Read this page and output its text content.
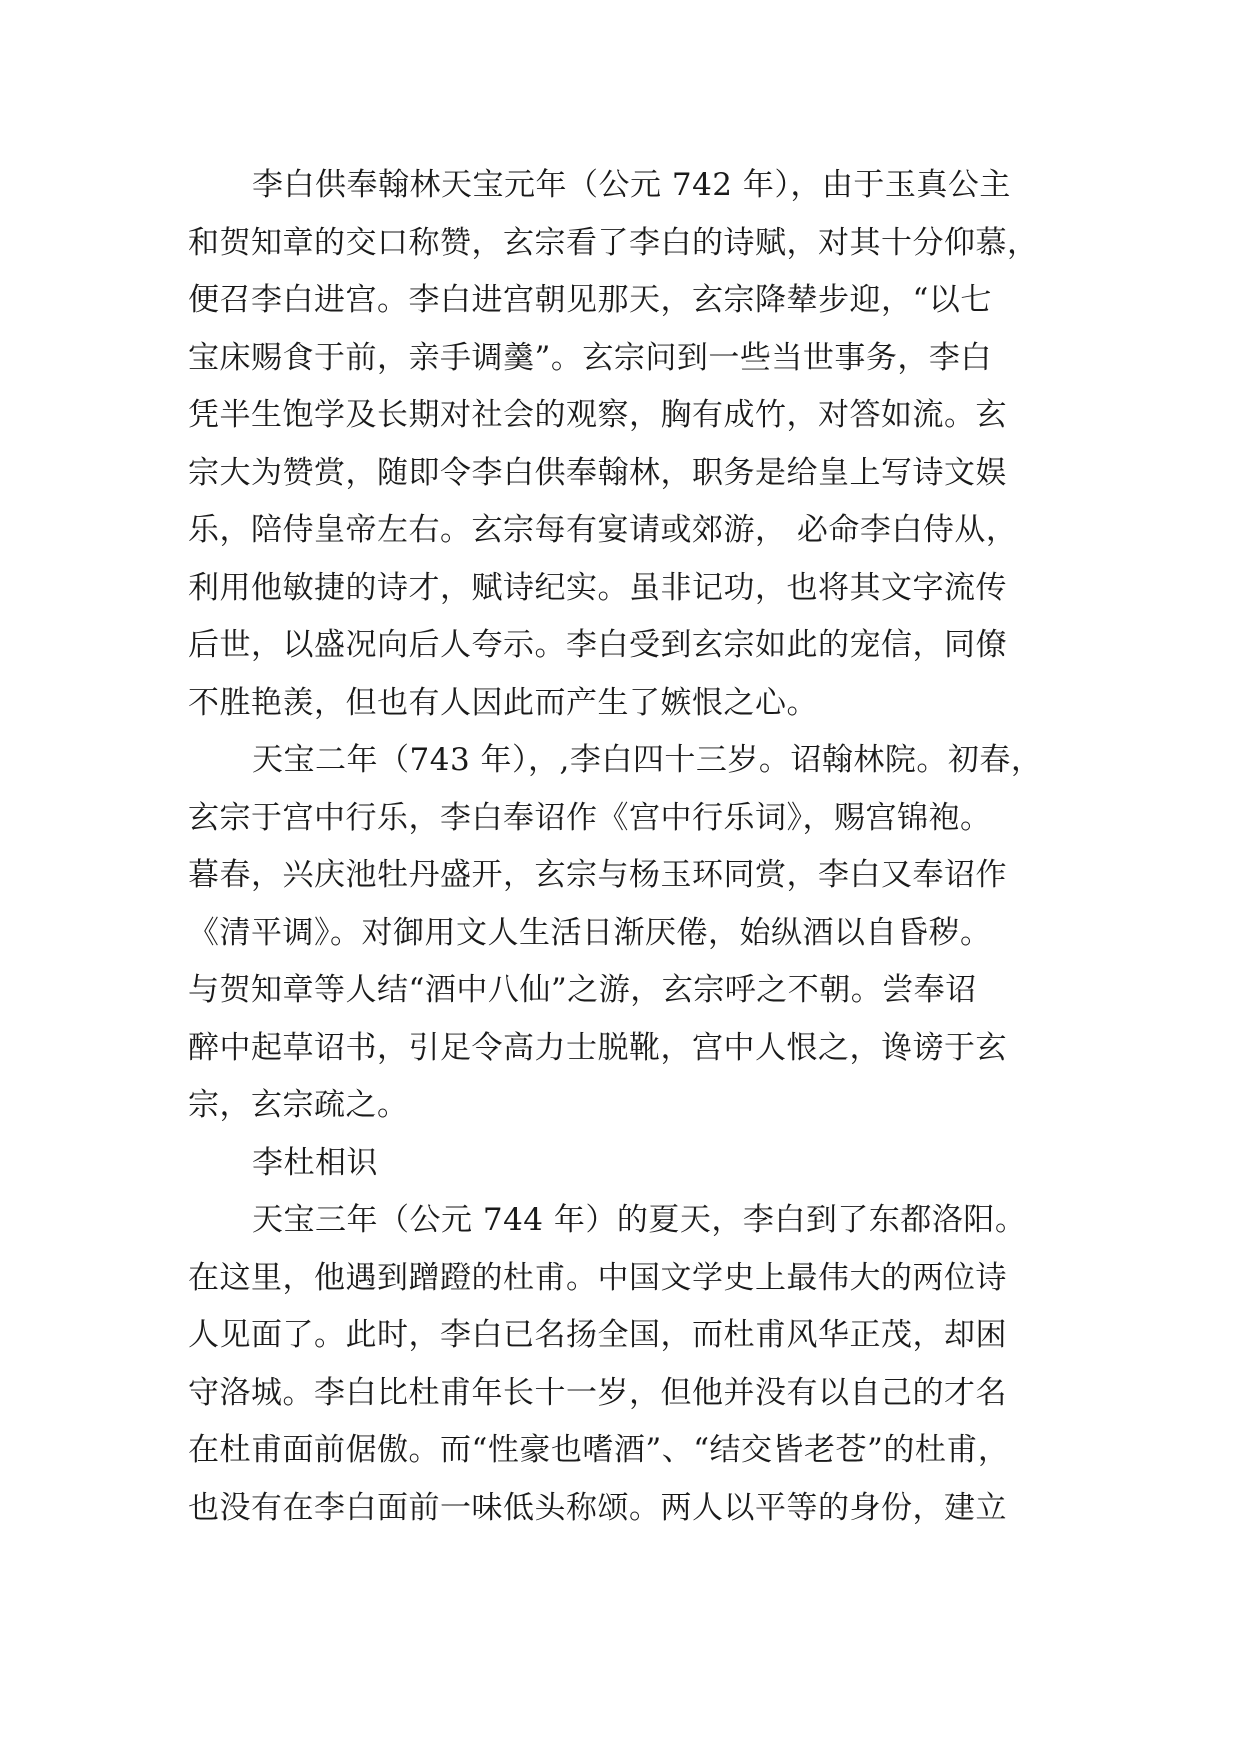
李白供奉翰林天宝元年（公元 742 年），由于玉真公主
和贺知章的交口称赞，玄宗看了李白的诗赋，对其十分仰慕，
便召李白进宫。李白进宫朝见那天，玄宗降辇步迎，“以七
宝床赐食于前，亲手调羹”。玄宗问到一些当世事务，李白
凭半生饱学及长期对社会的观察，胸有成竹，对答如流。玄
宗大为赞赏，随即令李白供奉翰林，职务是给皇上写诗文娱
乐，陪侍皇帝左右。玄宗每有宴请或郊游， 必命李白侍从，
利用他敏捷的诗才，赋诗纪实。虽非记功，也将其文字流传
后世，以盛况向后人夸示。李白受到玄宗如此的宠信，同僚
不胜艳羡，但也有人因此而产生了嫉恨之心。
天宝二年（743 年），,李白四十三岁。诏翰林院。初春，
玄宗于宫中行乐，李白奉诏作《宫中行乐词》，赐宫锦袍。
暮春，兴庆池牡丹盛开，玄宗与杨玉环同赏，李白又奉诏作
《清平调》。对御用文人生活日渐厌倦，始纵酒以自昏秽。
与贺知章等人结“酒中八仙”之游，玄宗呼之不朝。尝奉诏
醉中起草诏书，引足令高力士脱靴，宫中人恨之，谗谤于玄
宗，玄宗疏之。
李杜相识
天宝三年（公元 744 年）的夏天，李白到了东都洛阳。
在这里，他遇到蹭蹬的杜甫。中国文学史上最伟大的两位诗
人见面了。此时，李白已名扬全国，而杜甫风华正茂，却困
守洛城。李白比杜甫年长十一岁，但他并没有以自己的才名
在杜甫面前倨傲。而“性豪也嗜酒”、“结交皆老苍”的杜甫，
也没有在李白面前一味低头称颂。两人以平等的身份，建立
